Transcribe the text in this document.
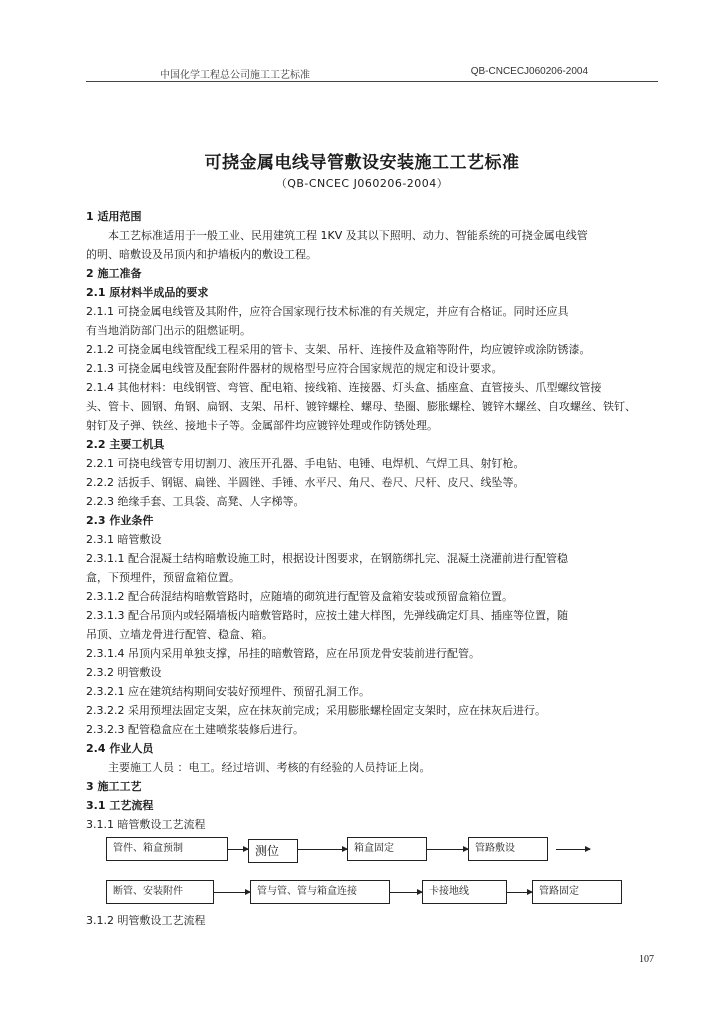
中国化学工程总公司施工工艺标准	QB-CNCECJ060206-2004
可挠金属电线导管敷设安装施工工艺标准
（QB-CNCEC J060206-2004）
1 适用范围
本工艺标准适用于一般工业、民用建筑工程 1KV 及其以下照明、动力、智能系统的可挠金属电线管
的明、暗敷设及吊顶内和护墙板内的敷设工程。
2 施工准备
2.1 原材料半成品的要求
2.1.1 可挠金属电线管及其附件，应符合国家现行技术标准的有关规定，并应有合格证。同时还应具
有当地消防部门出示的阻燃证明。
2.1.2 可挠金属电线管配线工程采用的管卡、支架、吊杆、连接件及盒箱等附件，均应镀锌或涂防锈漆。
2.1.3 可挠金属电线管及配套附件器材的规格型号应符合国家规范的规定和设计要求。
2.1.4 其他材料：电线钢管、弯管、配电箱、接线箱、连接器、灯头盒、插座盒、直管接头、爪型螺纹管接
头、管卡、圆钢、角钢、扁钢、支架、吊杆、镀锌螺栓、螺母、垫圈、膨胀螺栓、镀锌木螺丝、自攻螺丝、铁钉、
射钉及子弹、铁丝、接地卡子等。金属部件均应镀锌处理或作防锈处理。
2.2 主要工机具
2.2.1 可挠电线管专用切割刀、液压开孔器、手电钻、电锤、电焊机、气焊工具、射钉枪。
2.2.2 活扳手、钢锯、扁锉、半圆锉、手锤、水平尺、角尺、卷尺、尺杆、皮尺、线坠等。
2.2.3 绝缘手套、工具袋、高凳、人字梯等。
2.3 作业条件
2.3.1 暗管敷设
2.3.1.1 配合混凝土结构暗敷设施工时，根据设计图要求，在钢筋绑扎完、混凝土浇灌前进行配管稳
盒，下预埋件，预留盒箱位置。
2.3.1.2 配合砖混结构暗敷管路时，应随墙的砌筑进行配管及盒箱安装或预留盒箱位置。
2.3.1.3 配合吊顶内或轻隔墙板内暗敷管路时，应按土建大样图，先弹线确定灯具、插座等位置，随
吊顶、立墙龙骨进行配管、稳盒、箱。
2.3.1.4 吊顶内采用单独支撑，吊挂的暗敷管路，应在吊顶龙骨安装前进行配管。
2.3.2 明管敷设
2.3.2.1 应在建筑结构期间安装好预埋件、预留孔洞工作。
2.3.2.2 采用预埋法固定支架，应在抹灰前完成；采用膨胀螺栓固定支架时，应在抹灰后进行。
2.3.2.3 配管稳盒应在土建喷浆装修后进行。
2.4 作业人员
主要施工人员 ：电工。经过培训、考核的有经验的人员持证上岗。
3 施工工艺
3.1 工艺流程
3.1.1 暗管敷设工艺流程
管件、箱盒预制	测位	箱盒固定	管路敷设
断管、安装附件	管与管、管与箱盒连接	卡接地线	管路固定
3.1.2 明管敷设工艺流程
107
